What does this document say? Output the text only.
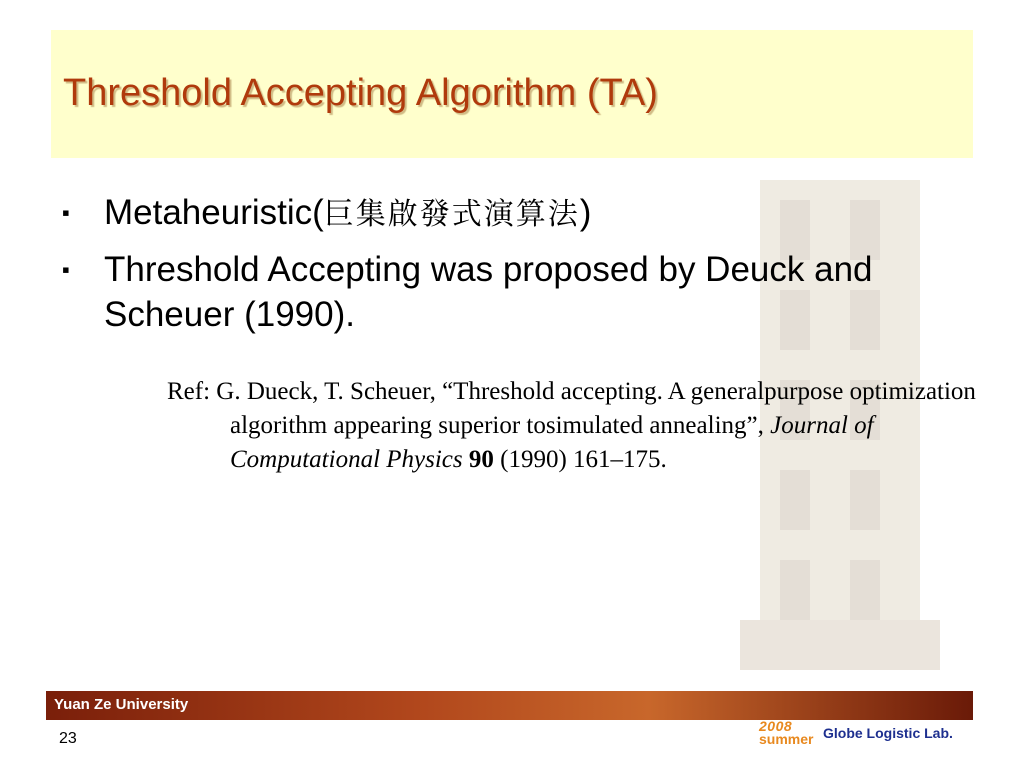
Threshold Accepting Algorithm (TA)
▪ Metaheuristic(巨集啟發式演算法)
▪ Threshold Accepting was proposed by Deuck and Scheuer (1990).
Ref: G. Dueck, T. Scheuer, “Threshold accepting. A generalpurpose optimization algorithm appearing superior tosimulated annealing”, Journal of Computational Physics 90 (1990) 161–175.
Yuan Ze University
23
2008
summer Globe Logistic Lab.
